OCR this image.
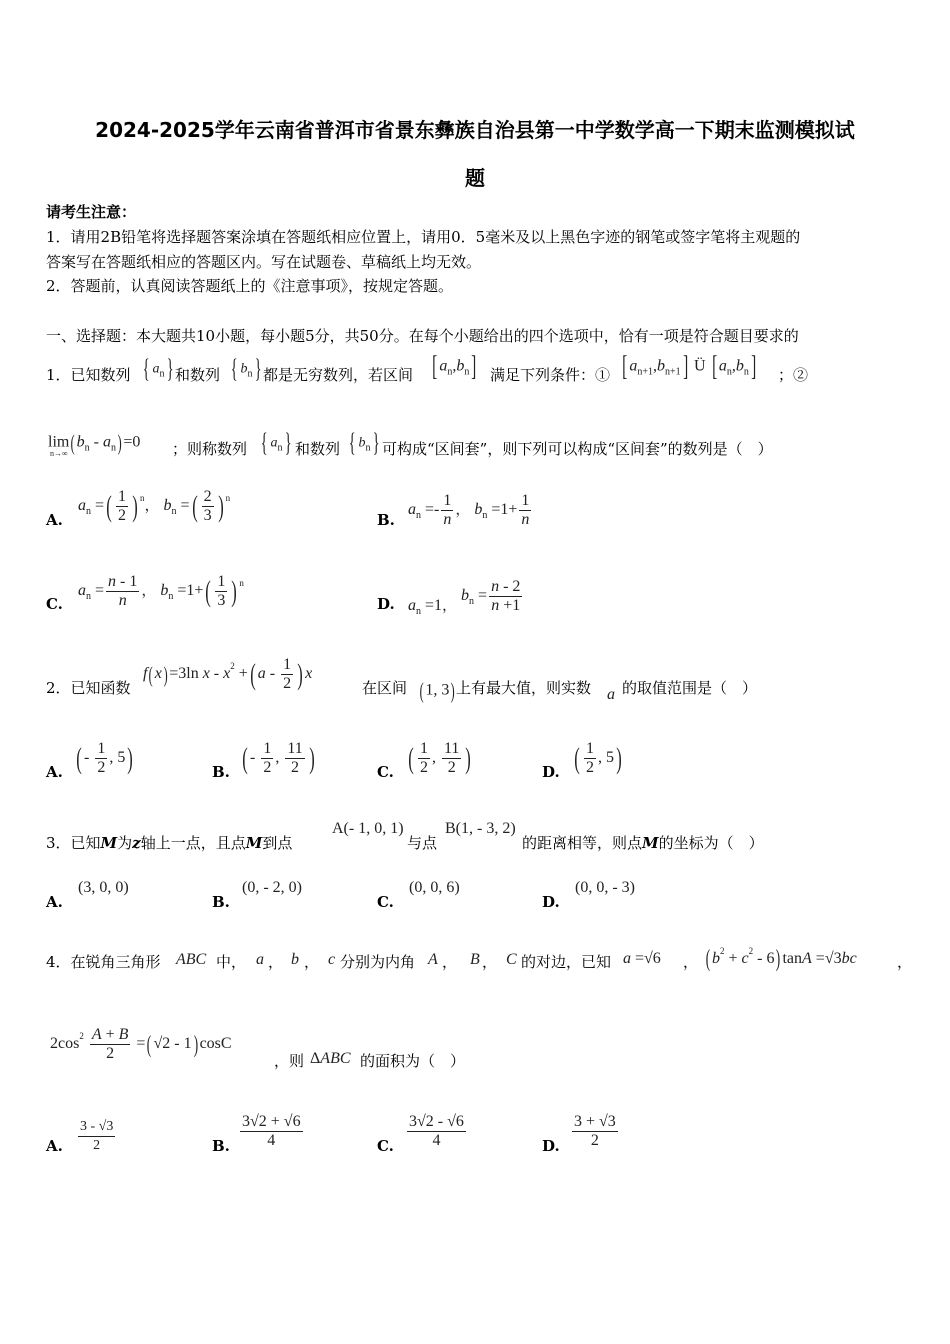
2024-2025学年云南省普洱市省景东彝族自治县第一中学数学高一下期末监测模拟试
题
请考生注意：
1．请用2B铅笔将选择题答案涂填在答题纸相应位置上，请用0．5毫米及以上黑色字迹的钢笔或签字笔将主观题的
答案写在答题纸相应的答题区内。写在试题卷、草稿纸上均无效。
2．答题前，认真阅读答题纸上的《注意事项》，按规定答题。
一、选择题：本大题共10小题，每小题5分，共50分。在每个小题给出的四个选项中，恰有一项是符合题目要求的
1．已知数列 { $a_n$ } 和数列 { $b_n$ } 都是无穷数列，若区间 [ $a_n,b_n$] 满足下列条件：① [ $a_{n+1},b_{n+1}$] Ü [ $a_n,b_n$] ；②
lim
n→∞ ( $b_n - a_n) =0$ ；则称数列 { $a_n$ } 和数列 { $b_n$ } 可构成“区间套”，则下列可以构成“区间套”的数列是（　）
A.
$a_n$ =( $\frac{1}{2}$ ) $^n$， $b_n$ =( $\frac{2}{3}$ ) $^n$
B.
$a_n =- \frac{1}{n}$ ， $b_n =1+ \frac{1}{n}$
C.
$a_n = \frac{n - 1}{n}$ ， $b_n =1+( \frac{1}{3}$ ) $^n$
D. $a_n =1$， $b_n = \frac{n - 2}{n +1}$
2．已知函数
f( x) =3ln x - $x^2$ +( a - $\frac{1}{2}$ ) x
在区间 ( 1, 3) 上有最大值，则实数 a 的取值范围是（　）
A. ( - $\frac{1}{2}$ , 5)	B. ( - $\frac{1}{2}$ , $\frac{11}{2}$ )	C. ( $\frac{1}{2}$ , $\frac{11}{2}$ )	D. ( $\frac{1}{2}$ , 5)
3．已知M为z轴上一点，且点M到点
A(- 1, 0, 1)
与点
B(1, - 3, 2)
的距离相等，则点M的坐标为（　）
A.
(3, 0, 0)
B.
(0, - 2, 0)
C.
(0, 0, 6)
D.
(0, 0, - 3)
4．在锐角三角形 ABC 中， a ， b ， c 分别为内角 A ， B ， C 的对边，已知 a =√6 ， ( $b^2 + c^2 - 6$) tanA =√3bc	，
$2\cos^2 \frac{A + B}{2}$ =( √2 - 1) cosC
，则 ΔABC 的面积为（　）
A. $\frac{3 - √3}{2}$	B. $\frac{3√2 + √6}{4}$	C. $\frac{3√2 - √6}{4}$	D. $\frac{3 + √3}{2}$
